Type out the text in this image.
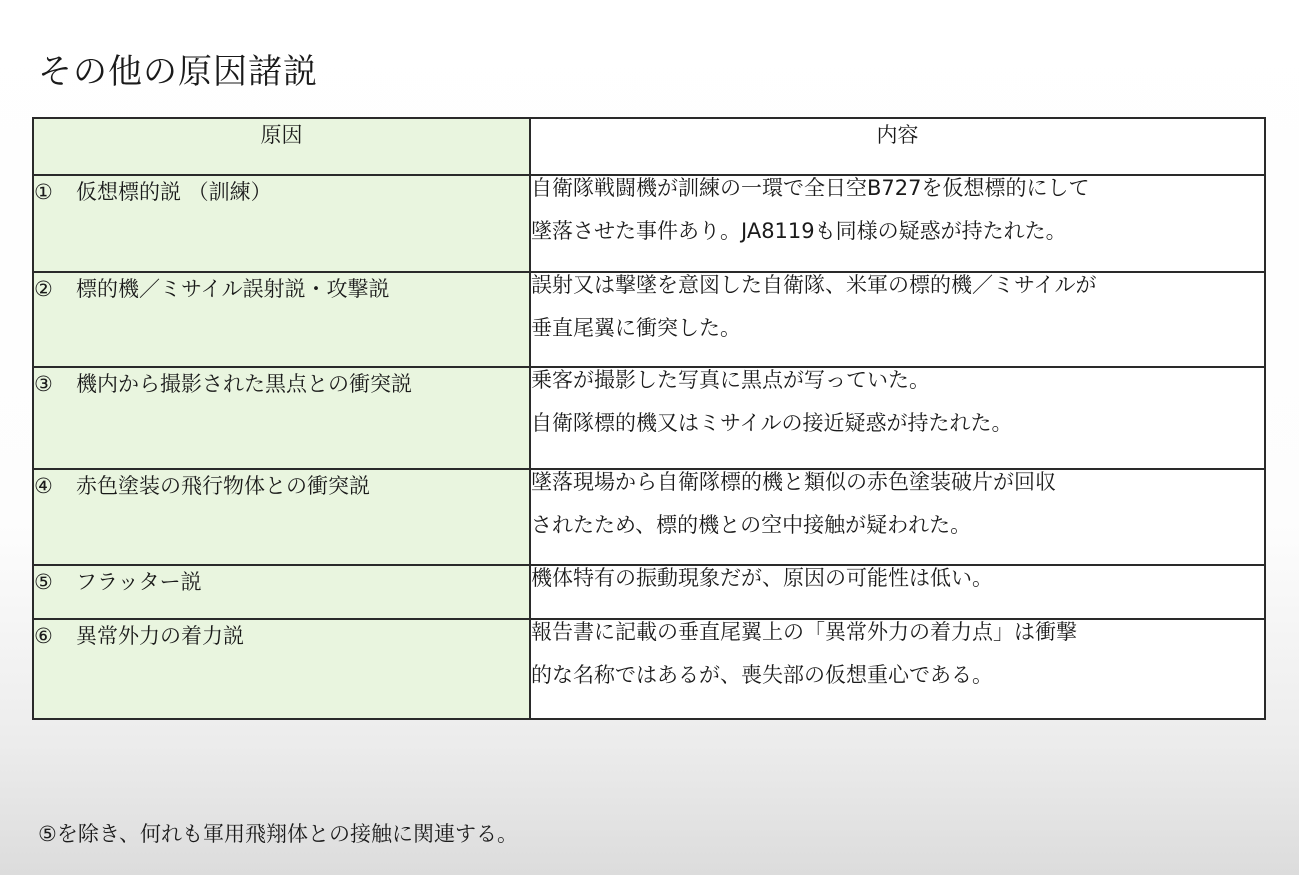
その他の原因諸説
原因	内容
① 仮想標的説 （訓練）	自衛隊戦闘機が訓練の一環で全日空B727を仮想標的にして
墜落させた事件あり。JA8119も同様の疑惑が持たれた。

② 標的機／ミサイル誤射説・攻撃説	誤射又は撃墜を意図した自衛隊、米軍の標的機／ミサイルが
垂直尾翼に衝突した。

③ 機内から撮影された黒点との衝突説	乗客が撮影した写真に黒点が写っていた。
自衛隊標的機又はミサイルの接近疑惑が持たれた。

④ 赤色塗装の飛行物体との衝突説	墜落現場から自衛隊標的機と類似の赤色塗装破片が回収
されたため、標的機との空中接触が疑われた。

⑤ フラッター説	機体特有の振動現象だが、原因の可能性は低い。

⑥ 異常外力の着力説	報告書に記載の垂直尾翼上の「異常外力の着力点」は衝撃
的な名称ではあるが、喪失部の仮想重心である。

⑤を除き、何れも軍用飛翔体との接触に関連する。
